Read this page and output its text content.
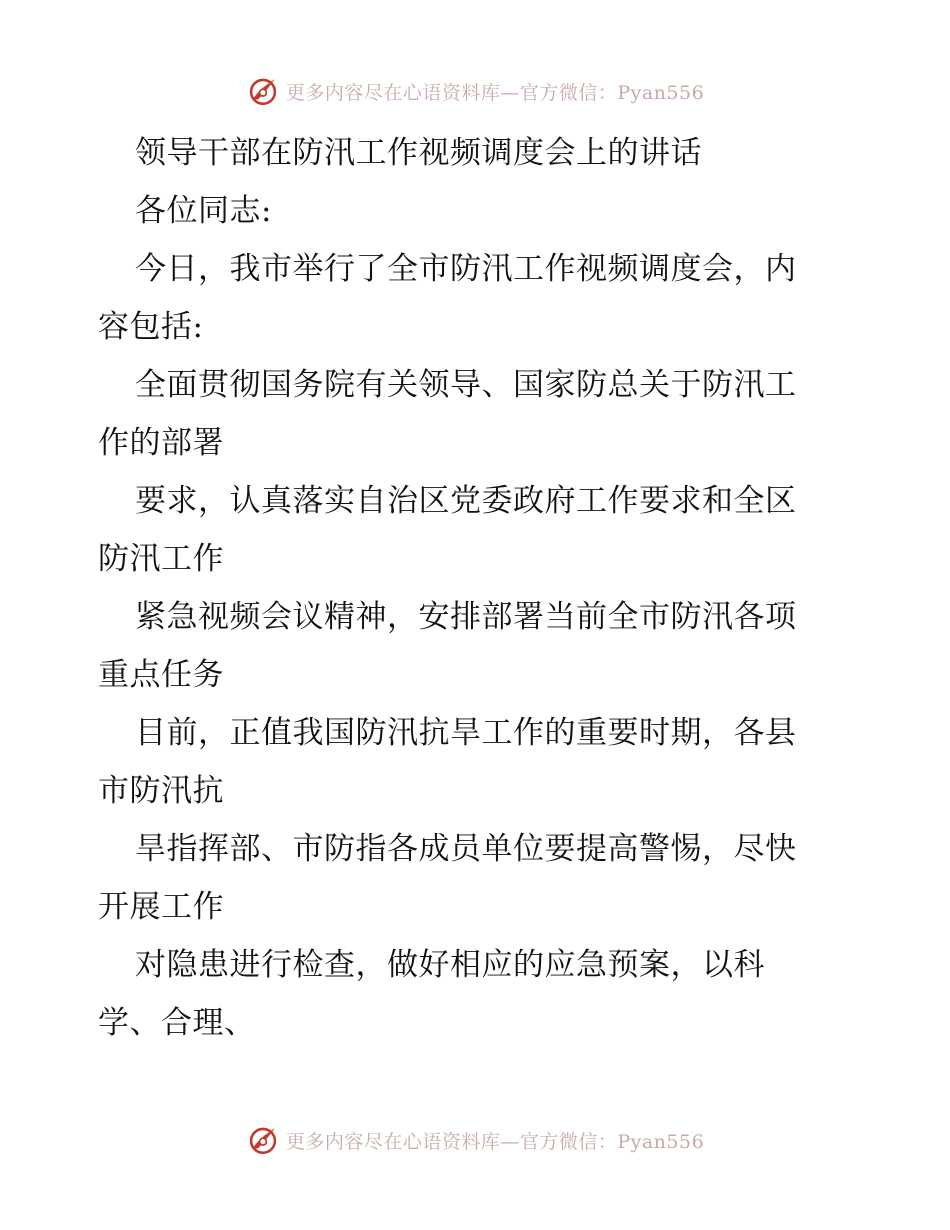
更多内容尽在心语资料库—官方微信：Pyan556
领导干部在防汛工作视频调度会上的讲话
各位同志:
今日，我市举行了全市防汛工作视频调度会，内
容包括:
全面贯彻国务院有关领导、国家防总关于防汛工
作的部署
要求，认真落实自治区党委政府工作要求和全区
防汛工作
紧急视频会议精神，安排部署当前全市防汛各项
重点任务
目前，正值我国防汛抗旱工作的重要时期，各县
市防汛抗
旱指挥部、市防指各成员单位要提高警惕，尽快
开展工作
对隐患进行检查，做好相应的应急预案，以科
学、合理、
更多内容尽在心语资料库—官方微信：Pyan556
